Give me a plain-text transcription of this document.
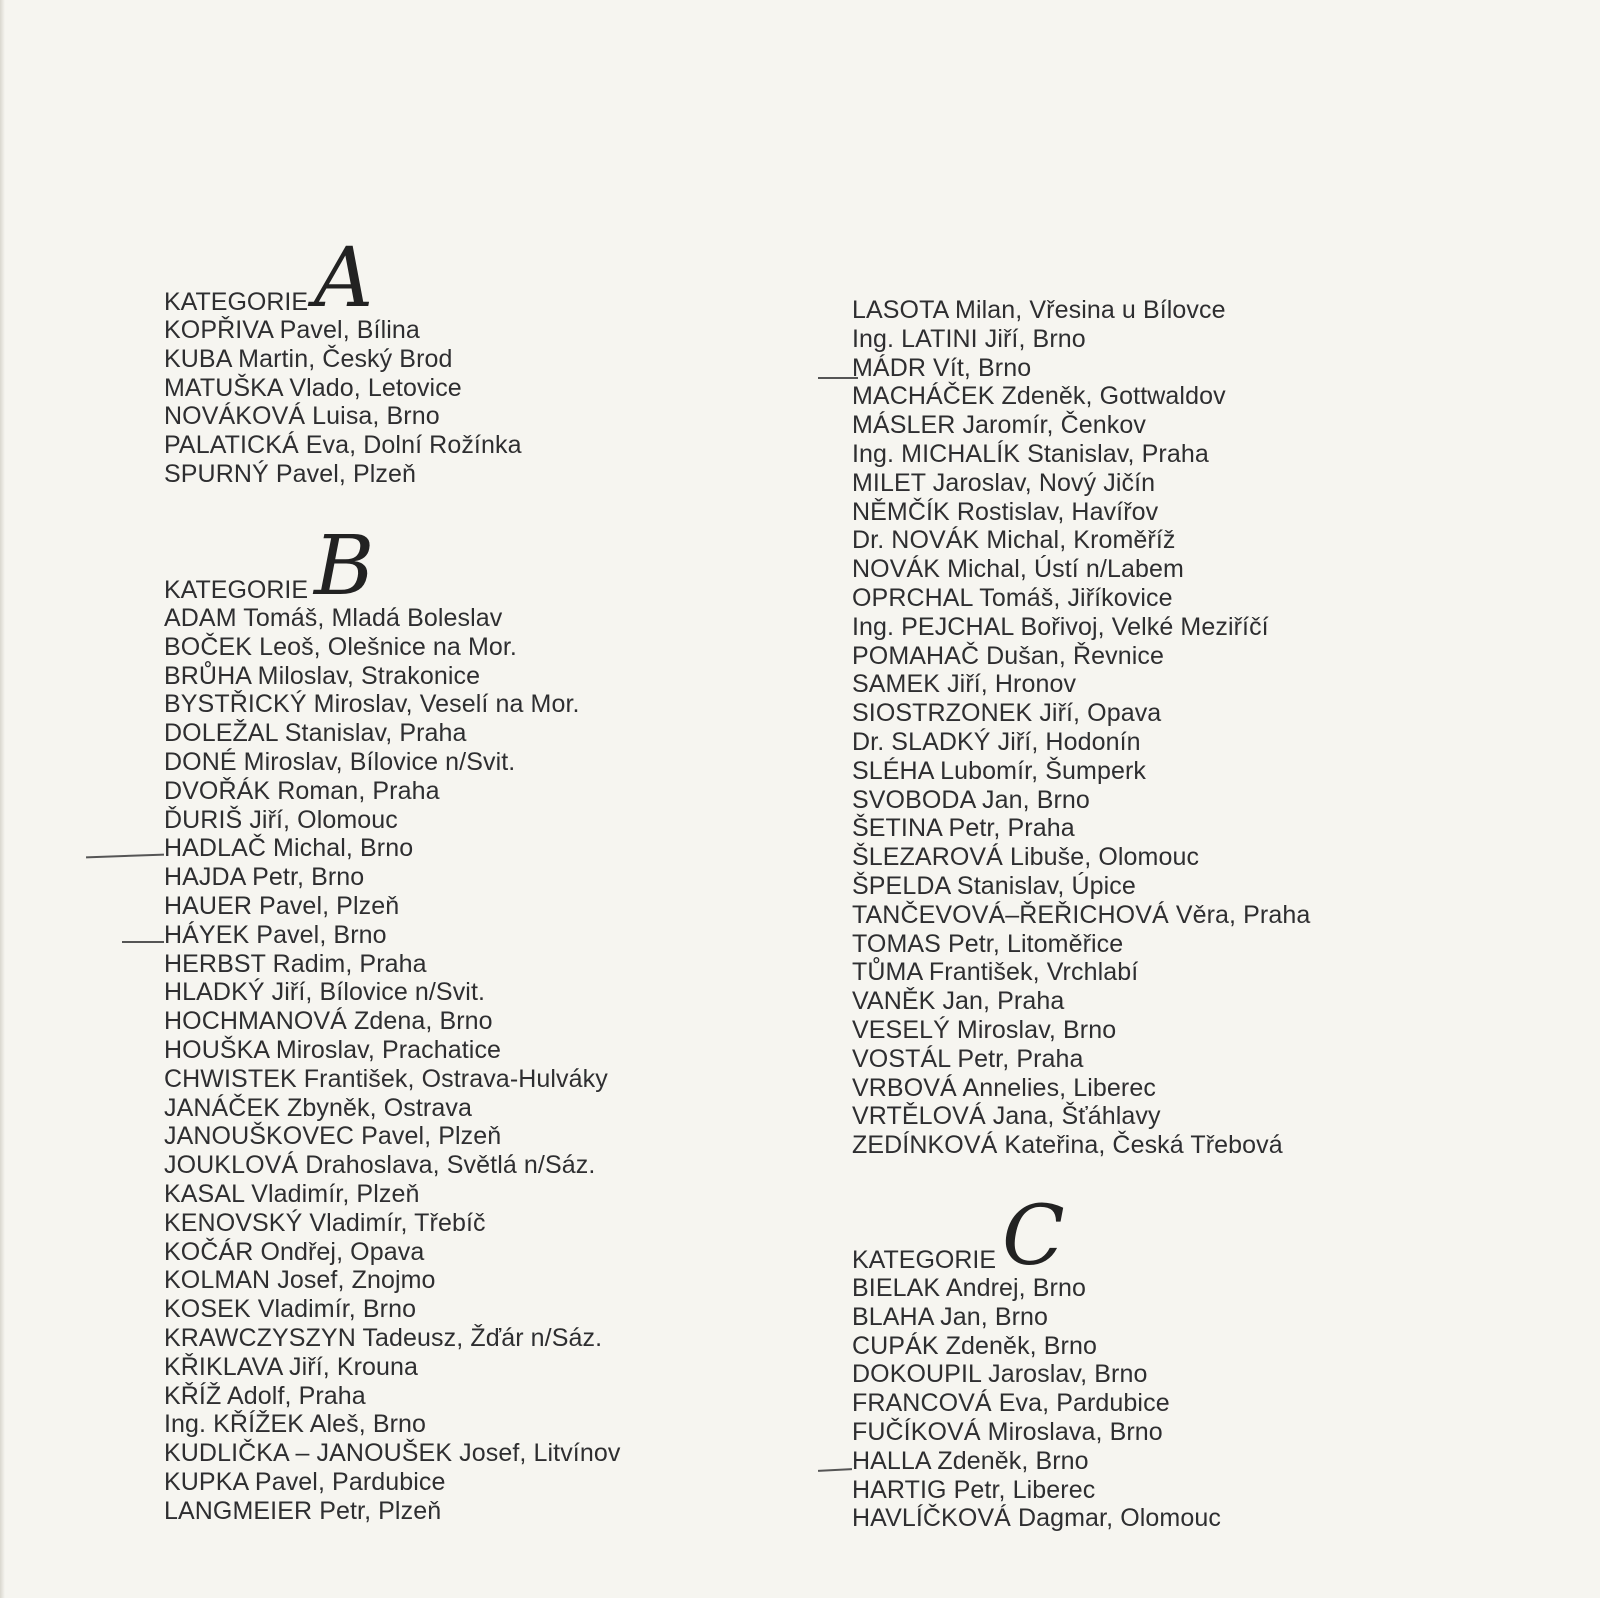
KATEGORIE A
KOPŘIVA Pavel, Bílina
KUBA Martin, Český Brod
MATUŠKA Vlado, Letovice
NOVÁKOVÁ Luisa, Brno
PALATICKÁ Eva, Dolní Rožínka
SPURNÝ Pavel, Plzeň
KATEGORIE B
ADAM Tomáš, Mladá Boleslav
BOČEK Leoš, Olešnice na Mor.
BRŮHA Miloslav, Strakonice
BYSTŘICKÝ Miroslav, Veselí na Mor.
DOLEŽAL Stanislav, Praha
DONÉ Miroslav, Bílovice n/Svit.
DVOŘÁK Roman, Praha
ĎURIŠ Jiří, Olomouc
HADLAČ Michal, Brno
HAJDA Petr, Brno
HAUER Pavel, Plzeň
HÁYEK Pavel, Brno
HERBST Radim, Praha
HLADKÝ Jiří, Bílovice n/Svit.
HOCHMANOVÁ Zdena, Brno
HOUŠKA Miroslav, Prachatice
CHWISTEK František, Ostrava-Hulváky
JANÁČEK Zbyněk, Ostrava
JANOUŠKOVEC Pavel, Plzeň
JOUKLOVÁ Drahoslava, Světlá n/Sáz.
KASAL Vladimír, Plzeň
KENOVSKÝ Vladimír, Třebíč
KOČÁR Ondřej, Opava
KOLMAN Josef, Znojmo
KOSEK Vladimír, Brno
KRAWCZYSZYN Tadeusz, Žďár n/Sáz.
KŘIKLAVA Jiří, Krouna
KŘÍŽ Adolf, Praha
Ing. KŘÍŽEK Aleš, Brno
KUDLIČKA – JANOUŠEK Josef, Litvínov
KUPKA Pavel, Pardubice
LANGMEIER Petr, Plzeň
LASOTA Milan, Vřesina u Bílovce
Ing. LATINI Jiří, Brno
MÁDR Vít, Brno
MACHÁČEK Zdeněk, Gottwaldov
MÁSLER Jaromír, Čenkov
Ing. MICHALÍK Stanislav, Praha
MILET Jaroslav, Nový Jičín
NĚMČÍK Rostislav, Havířov
Dr. NOVÁK Michal, Kroměříž
NOVÁK Michal, Ústí n/Labem
OPRCHAL Tomáš, Jiříkovice
Ing. PEJCHAL Bořivoj, Velké Meziříčí
POMAHAČ Dušan, Řevnice
SAMEK Jiří, Hronov
SIOSTRZONEK Jiří, Opava
Dr. SLADKÝ Jiří, Hodonín
SLÉHA Lubomír, Šumperk
SVOBODA Jan, Brno
ŠETINA Petr, Praha
ŠLEZAROVÁ Libuše, Olomouc
ŠPELDA Stanislav, Úpice
TANČEVOVÁ–ŘEŘICHOVÁ Věra, Praha
TOMAS Petr, Litoměřice
TŮMA František, Vrchlabí
VANĚK Jan, Praha
VESELÝ Miroslav, Brno
VOSTÁL Petr, Praha
VRBOVÁ Annelies, Liberec
VRTĚLOVÁ Jana, Šťáhlavy
ZEDÍNKOVÁ Kateřina, Česká Třebová
KATEGORIE C
BIELAK Andrej, Brno
BLAHA Jan, Brno
CUPÁK Zdeněk, Brno
DOKOUPIL Jaroslav, Brno
FRANCOVÁ Eva, Pardubice
FUČÍKOVÁ Miroslava, Brno
HALLA Zdeněk, Brno
HARTIG Petr, Liberec
HAVLÍČKOVÁ Dagmar, Olomouc
